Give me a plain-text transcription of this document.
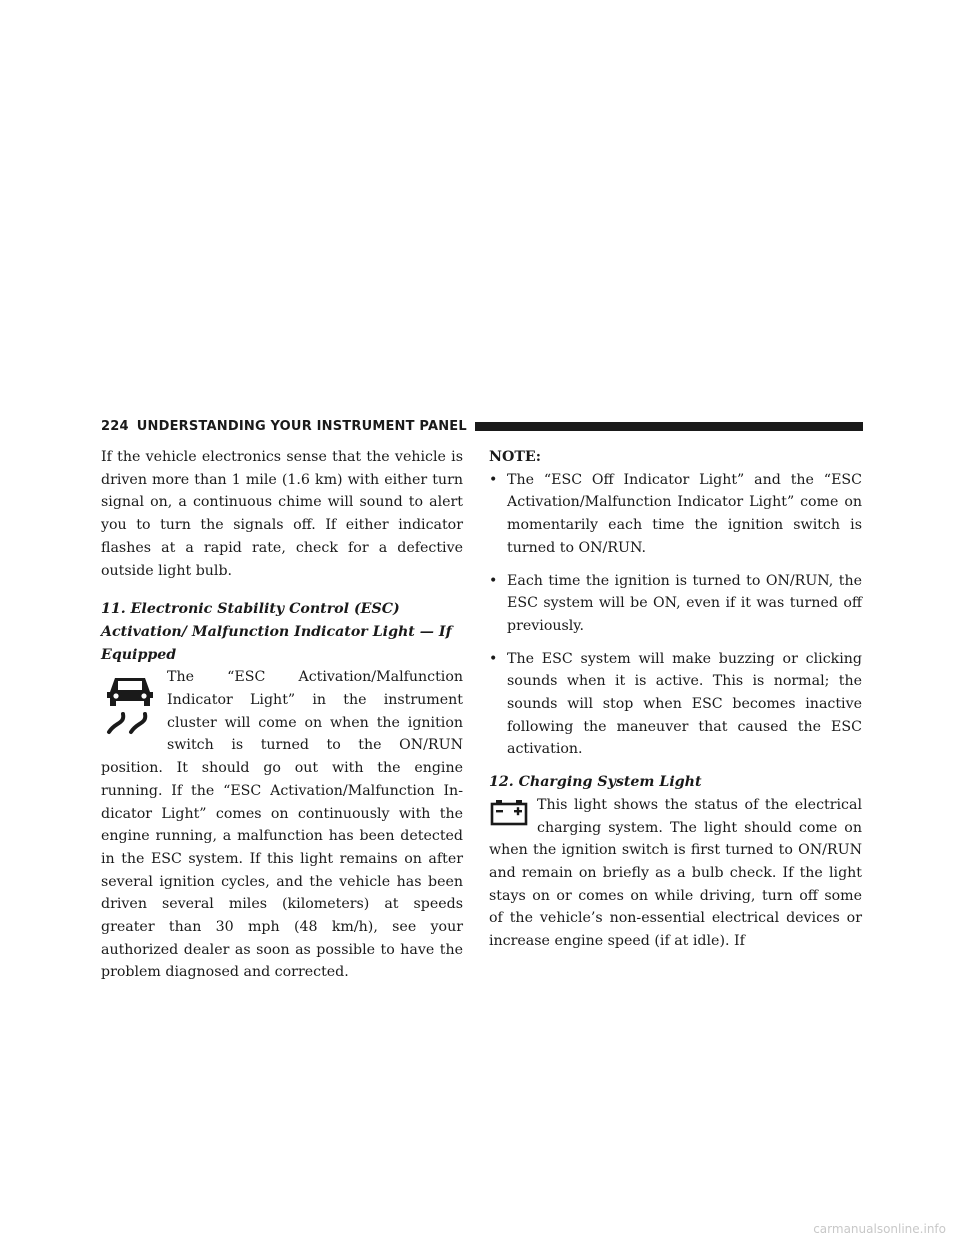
224 UNDERSTANDING YOUR INSTRUMENT PANEL

If the vehicle electronics sense that the vehicle is driven more than 1 mile (1.6 km) with either turn signal on, a continuous chime will sound to alert you to turn the signals off. If either indicator flashes at a rapid rate, check for a defective outside light bulb.

11. Electronic Stability Control (ESC) Activation/ Malfunction Indicator Light — If Equipped

The “ESC Activation/Malfunction Indicator Light” in the instrument cluster will come on when the ignition switch is turned to the ON/RUN position. It should go out with the engine running. If the “ESC Activation/Malfunction Indicator Light” comes on continuously with the engine running, a malfunction has been detected in the ESC system. If this light remains on after several ignition cycles, and the vehicle has been driven several miles (kilometers) at speeds greater than 30 mph (48 km/h), see your authorized dealer as soon as possible to have the problem diagnosed and corrected.

NOTE:

• The “ESC Off Indicator Light” and the “ESC Activation/Malfunction Indicator Light” come on momentarily each time the ignition switch is turned to ON/RUN.
• Each time the ignition is turned to ON/RUN, the ESC system will be ON, even if it was turned off previously.
• The ESC system will make buzzing or clicking sounds when it is active. This is normal; the sounds will stop when ESC becomes inactive following the maneuver that caused the ESC activation.

12. Charging System Light

This light shows the status of the electrical charging system. The light should come on when the ignition switch is first turned to ON/RUN and remain on briefly as a bulb check. If the light stays on or comes on while driving, turn off some of the vehicle’s non-essential electrical devices or increase engine speed (if at idle). If

carmanualsonline.info
